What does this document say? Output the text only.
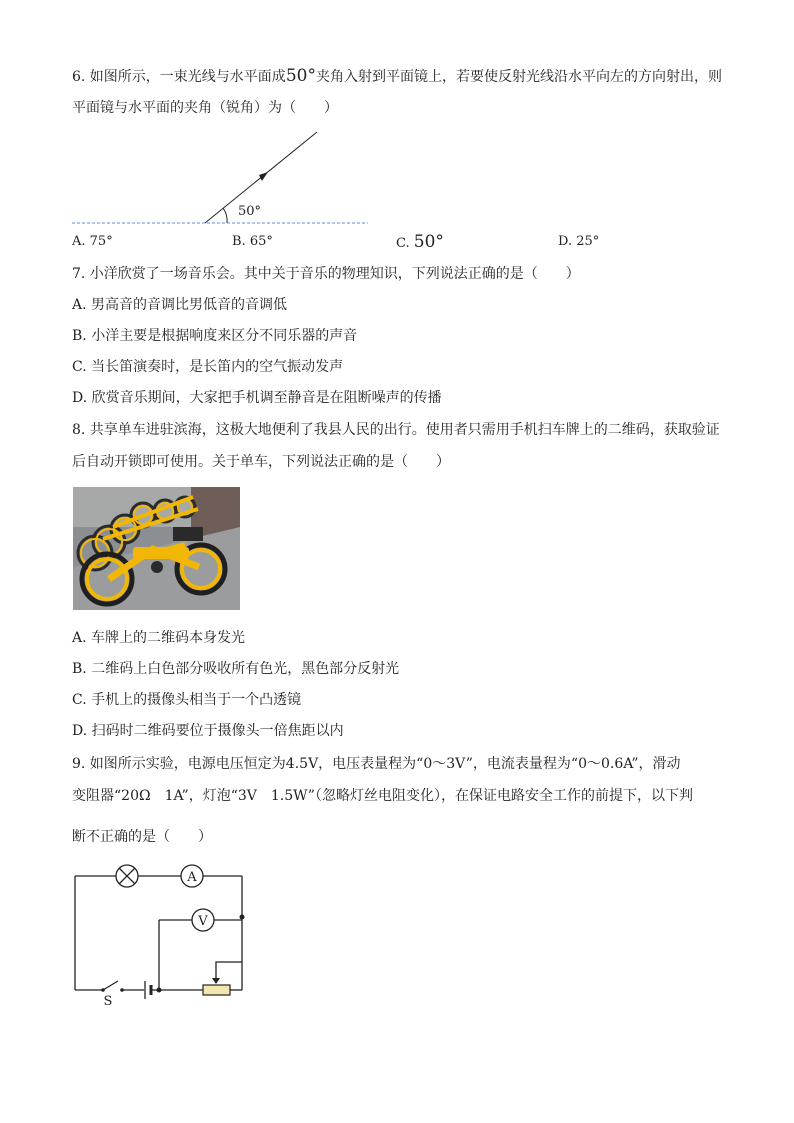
6. 如图所示，一束光线与水平面成50°夹角入射到平面镜上，若要使反射光线沿水平向左的方向射出，则
平面镜与水平面的夹角（锐角）为（　　）
50°
A. 75°	B. 65°	C. 50°	D. 25°
7. 小洋欣赏了一场音乐会。其中关于音乐的物理知识，下列说法正确的是（　　）
A. 男高音的音调比男低音的音调低
B. 小洋主要是根据响度来区分不同乐器的声音
C. 当长笛演奏时，是长笛内的空气振动发声
D. 欣赏音乐期间，大家把手机调至静音是在阻断噪声的传播
8. 共享单车进驻滨海，这极大地便利了我县人民的出行。使用者只需用手机扫车牌上的二维码，获取验证
后自动开锁即可使用。关于单车，下列说法正确的是（　　）
A. 车牌上的二维码本身发光
B. 二维码上白色部分吸收所有色光，黑色部分反射光
C. 手机上的摄像头相当于一个凸透镜
D. 扫码时二维码要位于摄像头一倍焦距以内
9. 如图所示实验，电源电压恒定为4.5V，电压表量程为“0～3V”，电流表量程为“0～0.6A”，滑动
变阻器“20Ω　1A”，灯泡“3V　1.5W”（忽略灯丝电阻变化），在保证电路安全工作的前提下，以下判
断不正确的是（　　）
A
V
S
